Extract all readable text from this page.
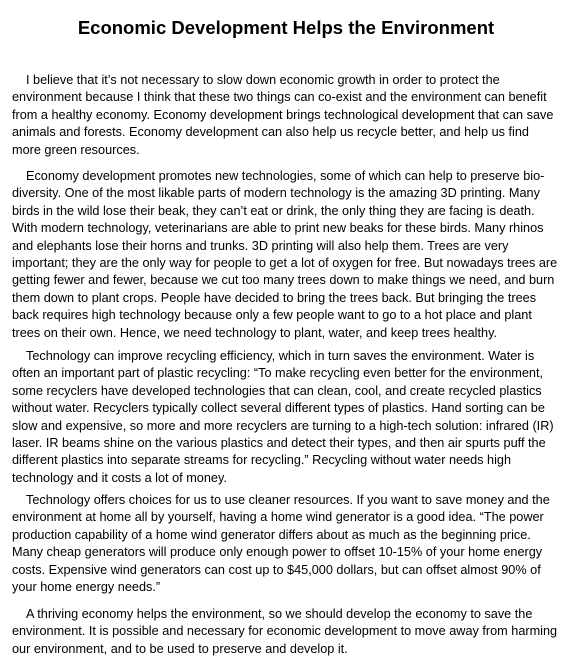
Economic Development Helps the Environment

I believe that it’s not necessary to slow down economic growth in order to protect the environment because I think that these two things can co-exist and the environment can benefit from a healthy economy. Economy development brings technological development that can save animals and forests. Economy development can also help us recycle better, and help us find more green resources.

Economy development promotes new technologies, some of which can help to preserve bio-diversity. One of the most likable parts of modern technology is the amazing 3D printing. Many birds in the wild lose their beak, they can’t eat or drink, the only thing they are facing is death. With modern technology, veterinarians are able to print new beaks for these birds. Many rhinos and elephants lose their horns and trunks. 3D printing will also help them. Trees are very important; they are the only way for people to get a lot of oxygen for free. But nowadays trees are getting fewer and fewer, because we cut too many trees down to make things we need, and burn them down to plant crops. People have decided to bring the trees back. But bringing the trees back requires high technology because only a few people want to go to a hot place and plant trees on their own. Hence, we need technology to plant, water, and keep trees healthy.

Technology can improve recycling efficiency, which in turn saves the environment. Water is often an important part of plastic recycling: “To make recycling even better for the environment, some recyclers have developed technologies that can clean, cool, and create recycled plastics without water. Recyclers typically collect several different types of plastics. Hand sorting can be slow and expensive, so more and more recyclers are turning to a high-tech solution: infrared (IR) laser. IR beams shine on the various plastics and detect their types, and then air spurts puff the different plastics into separate streams for recycling.” Recycling without water needs high technology and it costs a lot of money.

Technology offers choices for us to use cleaner resources. If you want to save money and the environment at home all by yourself, having a home wind generator is a good idea. “The power production capability of a home wind generator differs about as much as the beginning price. Many cheap generators will produce only enough power to offset 10-15% of your home energy costs. Expensive wind generators can cost up to $45,000 dollars, but can offset almost 90% of your home energy needs.”

A thriving economy helps the environment, so we should develop the economy to save the environment. It is possible and necessary for economic development to move away from harming our environment, and to be used to preserve and develop it.
